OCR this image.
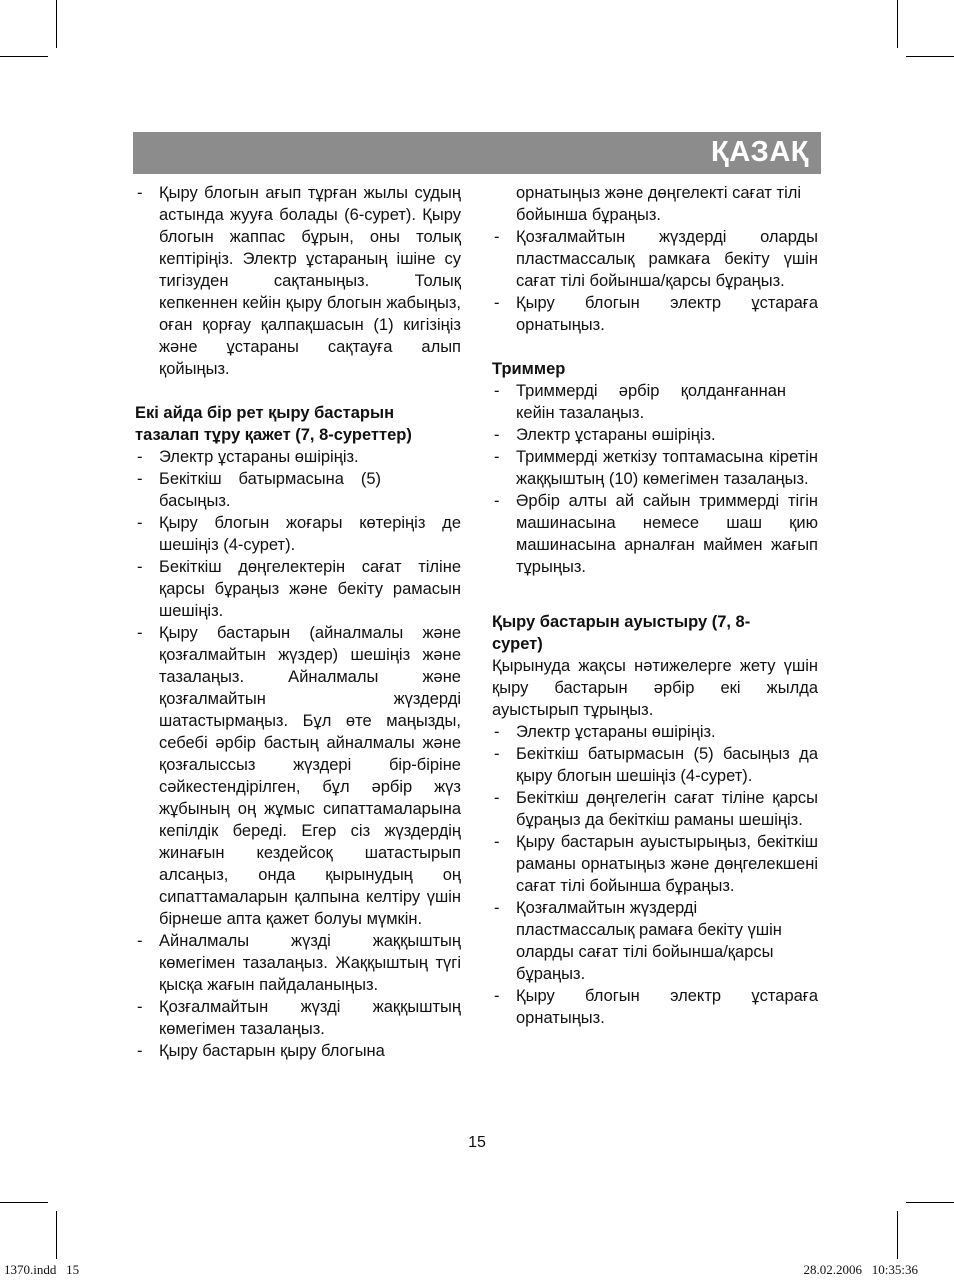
ҚАЗАҚ
- Қыру блогын ағып тұрған жылы судың астында жууға болады (6-сурет). Қыру блогын жаппас бұрын, оны толық кептіріңіз. Электр ұстараның ішіне су тигізуден сақтаныңыз. Толық кепкеннен кейін қыру блогын жабыңыз, оған қорғау қалпақшасын (1) кигізіңіз және ұстараны сақтауға алып қойыңыз.
Екі айда бір рет қыру бастарын тазалап тұру қажет (7, 8-суреттер)
- Электр ұстараны өшіріңіз.
- Бекіткіш батырмасына (5) басыңыз.
- Қыру блогын жоғары көтеріңіз де шешіңіз (4-сурет).
- Бекіткіш дөңгелектерін сағат тіліне қарсы бұраңыз және бекіту рамасын шешіңіз.
- Қыру бастарын (айналмалы және қозғалмайтын жүздер) шешіңіз және тазалаңыз. Айналмалы және қозғалмайтын жүздерді шатастырмаңыз. Бұл өте маңызды, себебі әрбір бастың айналмалы және қозғалыссыз жүздері бір-біріне сәйкестендірілген, бұл әрбір жүз жұбының оң жұмыс сипаттамаларына кепілдік береді. Егер сіз жүздердің жинағын кездейсоқ шатастырып алсаңыз, онда қырынудың оң сипаттамаларын қалпына келтіру үшін бірнеше апта қажет болуы мүмкін.
- Айналмалы жүзді жаққыштың көмегімен тазалаңыз. Жаққыштың түгі қысқа жағын пайдаланыңыз.
- Қозғалмайтын жүзді жаққыштың көмегімен тазалаңыз.
- Қыру бастарын қыру блогына
орнатыңыз және дөңгелекті сағат тілі бойынша бұраңыз.
- Қозғалмайтын жүздерді оларды пластмассалық рамкаға бекіту үшін сағат тілі бойынша/қарсы бұраңыз.
- Қыру блогын электр ұстараға орнатыңыз.
Триммер
- Триммерді әрбір қолданғаннан кейін тазалаңыз.
- Электр ұстараны өшіріңіз.
- Триммерді жеткізу топтамасына кіретін жаққыштың (10) көмегімен тазалаңыз.
- Әрбір алты ай сайын триммерді тігін машинасына немесе шаш қию машинасына арналған маймен жағып тұрыңыз.
Қыру бастарын ауыстыру (7, 8-сурет)
Қырынуда жақсы нәтижелерге жету үшін қыру бастарын әрбір екі жылда ауыстырып тұрыңыз.
- Электр ұстараны өшіріңіз.
- Бекіткіш батырмасын (5) басыңыз да қыру блогын шешіңіз (4-сурет).
- Бекіткіш дөңгелегін сағат тіліне қарсы бұраңыз да бекіткіш раманы шешіңіз.
- Қыру бастарын ауыстырыңыз, бекіткіш раманы орнатыңыз және дөңгелекшені сағат тілі бойынша бұраңыз.
- Қозғалмайтын жүздерді пластмассалық рамаға бекіту үшін оларды сағат тілі бойынша/қарсы бұраңыз.
- Қыру блогын электр ұстараға орнатыңыз.
15
1370.indd   15	28.02.2006   10:35:36
